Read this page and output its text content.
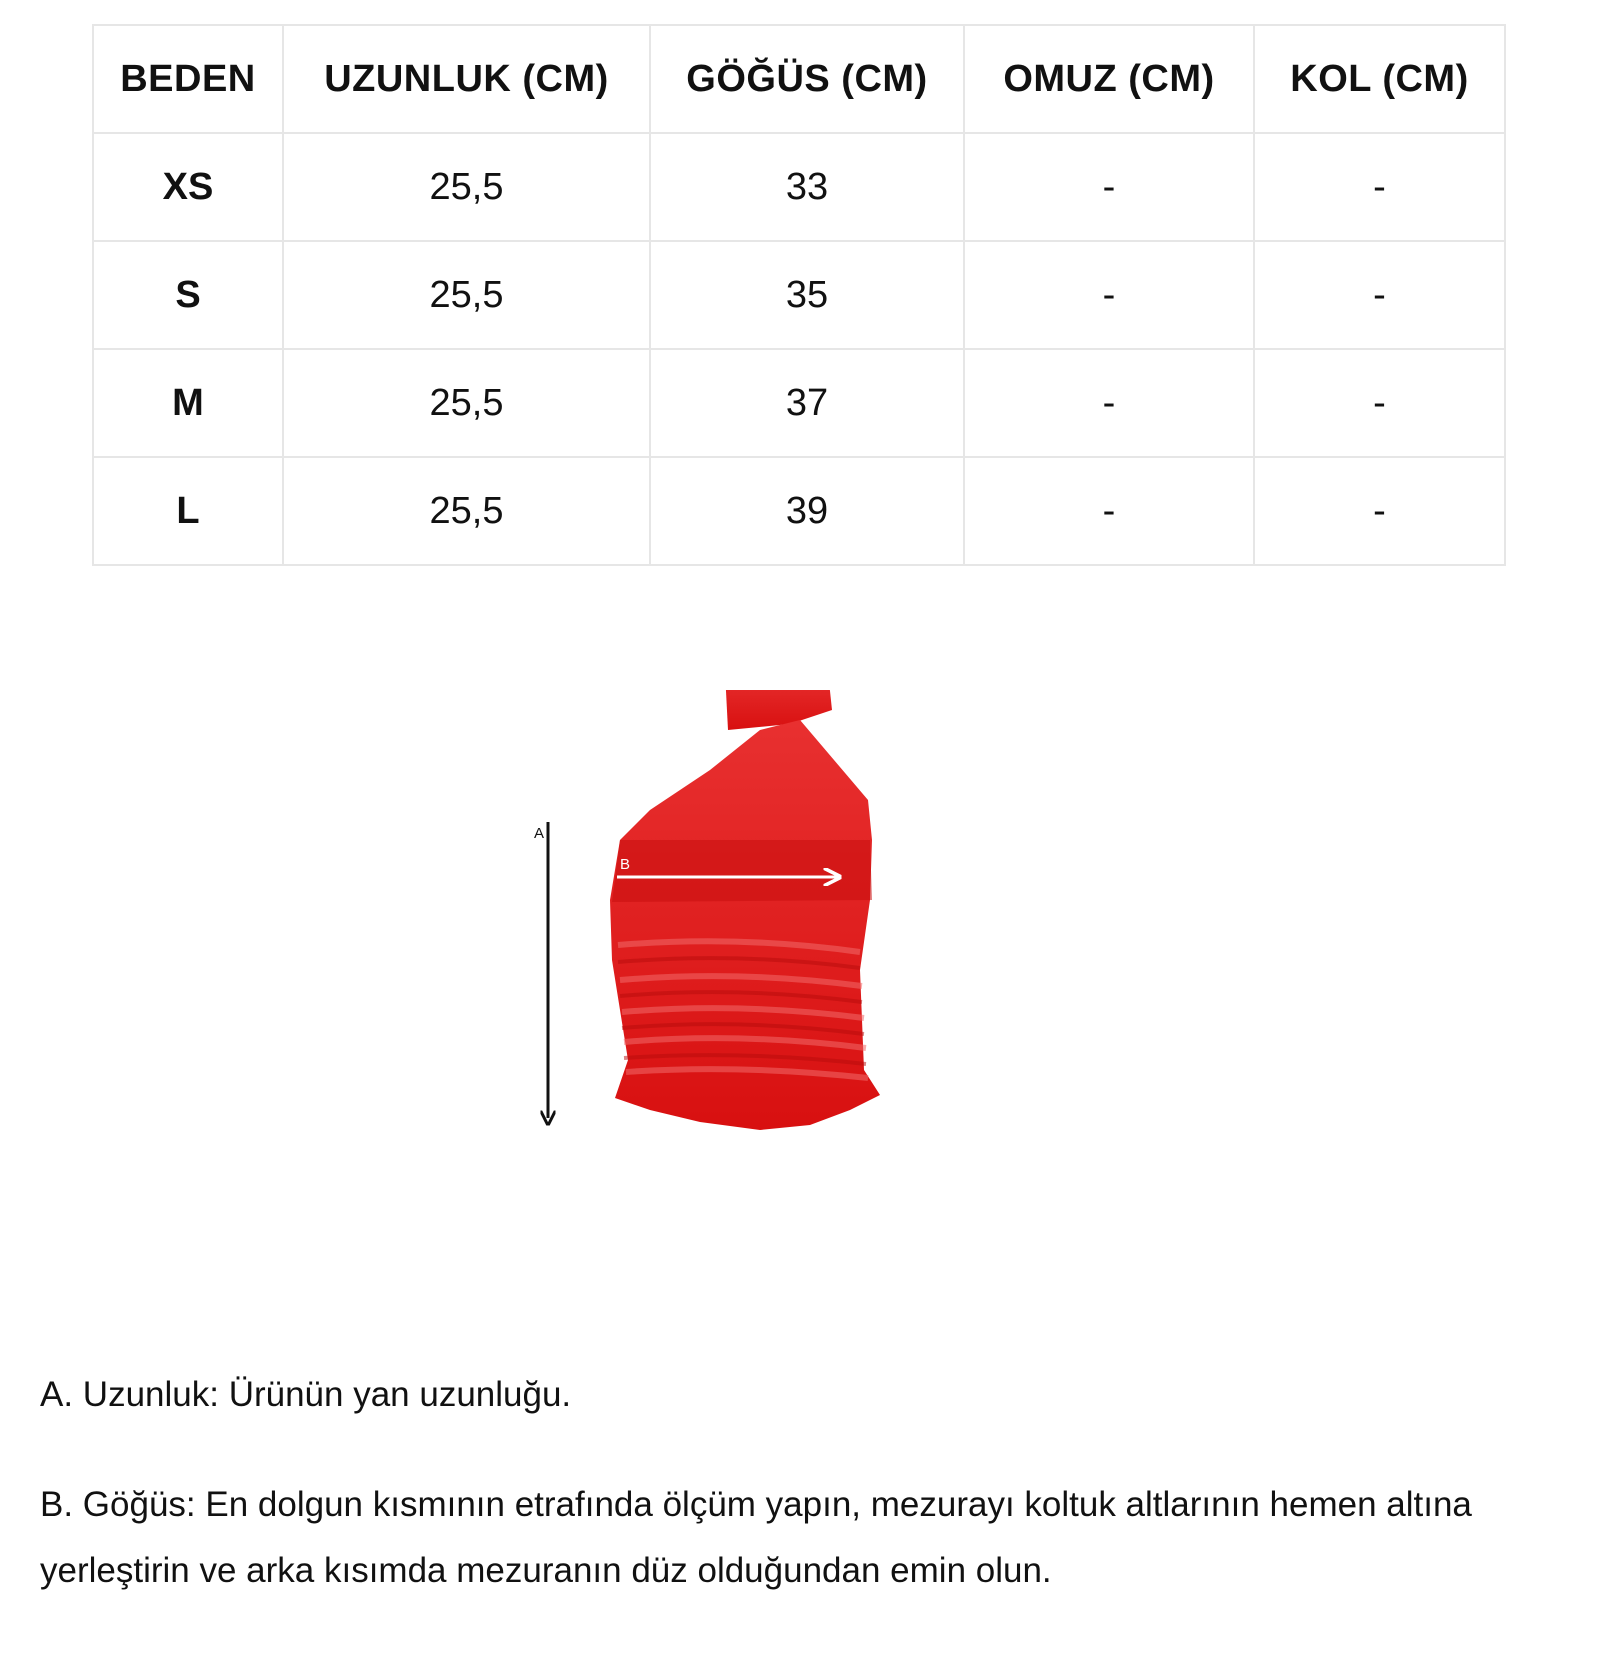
BEDEN	UZUNLUK (CM)	GÖĞÜS (CM)	OMUZ (CM)	KOL (CM)
XS	25,5	33	-	-
S	25,5	35	-	-
M	25,5	37	-	-
L	25,5	39	-	-
A
B

A. Uzunluk: Ürünün yan uzunluğu.

B. Göğüs: En dolgun kısmının etrafında ölçüm yapın, mezurayı koltuk altlarının hemen altına yerleştirin ve arka kısımda mezuranın düz olduğundan emin olun.
